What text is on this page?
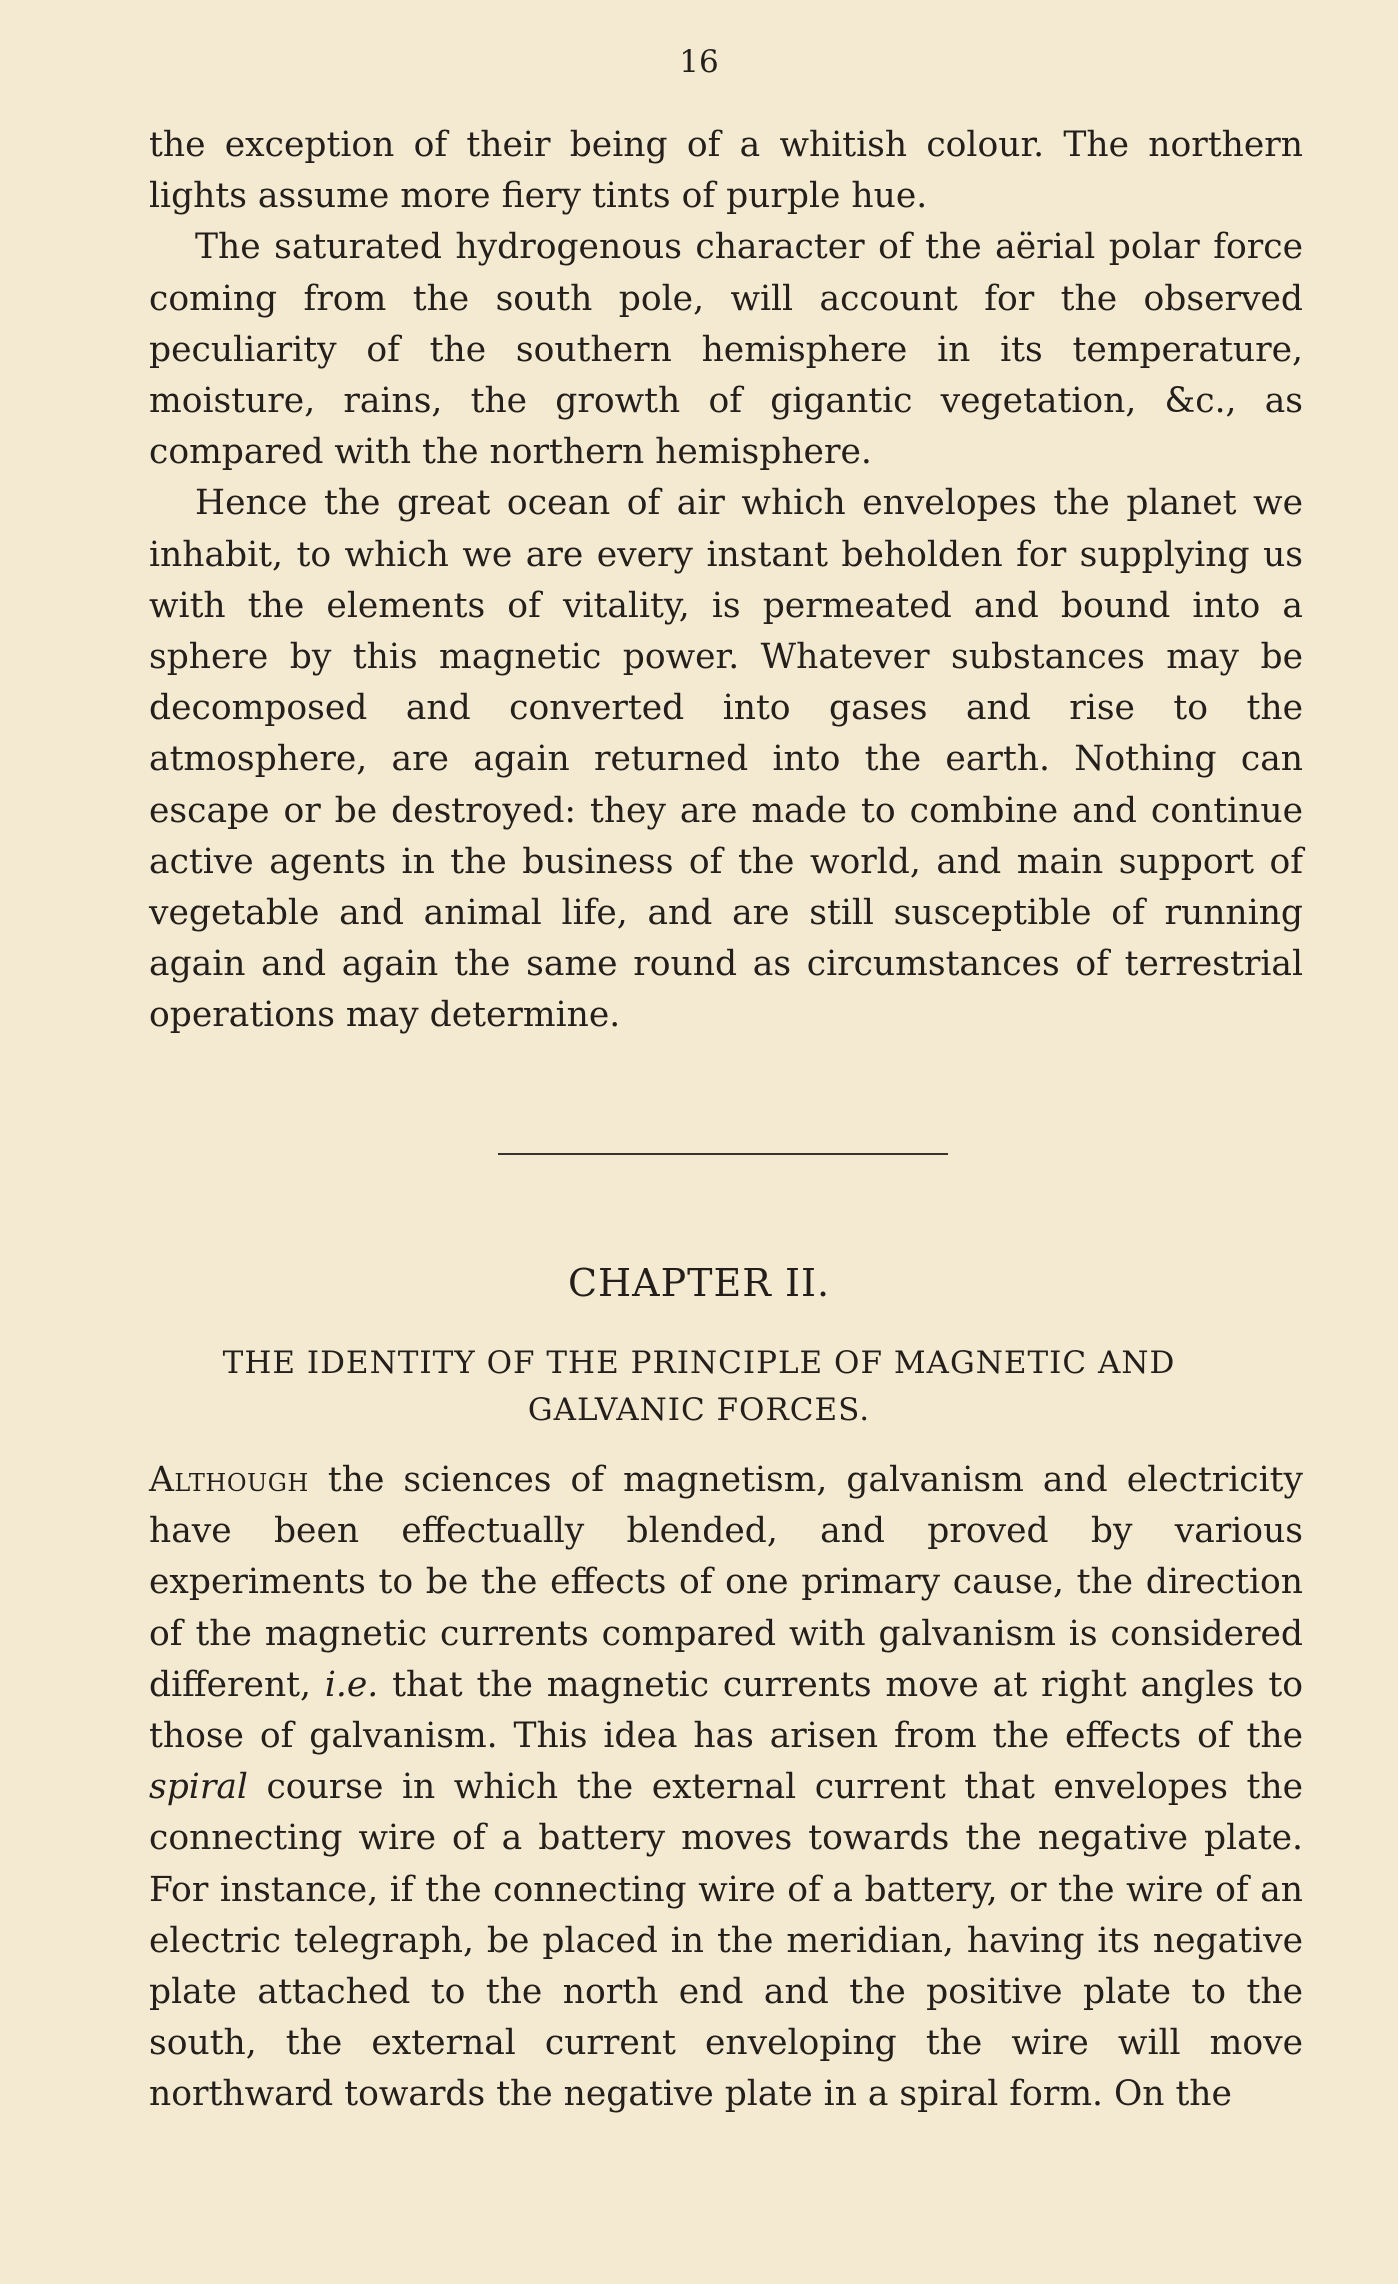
16

the exception of their being of a whitish colour. The northern lights assume more fiery tints of purple hue.

The saturated hydrogenous character of the aërial polar force coming from the south pole, will account for the observed peculiarity of the southern hemisphere in its temperature, moisture, rains, the growth of gigantic vegetation, &c., as compared with the northern hemisphere.

Hence the great ocean of air which envelopes the planet we inhabit, to which we are every instant beholden for supplying us with the elements of vitality, is permeated and bound into a sphere by this magnetic power. Whatever substances may be decomposed and converted into gases and rise to the atmosphere, are again returned into the earth. Nothing can escape or be destroyed: they are made to combine and continue active agents in the business of the world, and main support of vegetable and animal life, and are still susceptible of running again and again the same round as circumstances of terrestrial operations may determine.

CHAPTER II.
THE IDENTITY OF THE PRINCIPLE OF MAGNETIC AND
GALVANIC FORCES.

Although the sciences of magnetism, galvanism and electricity have been effectually blended, and proved by various experiments to be the effects of one primary cause, the direction of the magnetic currents compared with galvanism is considered different, i.e. that the magnetic currents move at right angles to those of galvanism. This idea has arisen from the effects of the spiral course in which the external current that envelopes the connecting wire of a battery moves towards the negative plate. For instance, if the connecting wire of a battery, or the wire of an electric telegraph, be placed in the meridian, having its negative plate attached to the north end and the positive plate to the south, the external current enveloping the wire will move northward towards the negative plate in a spiral form. On the
